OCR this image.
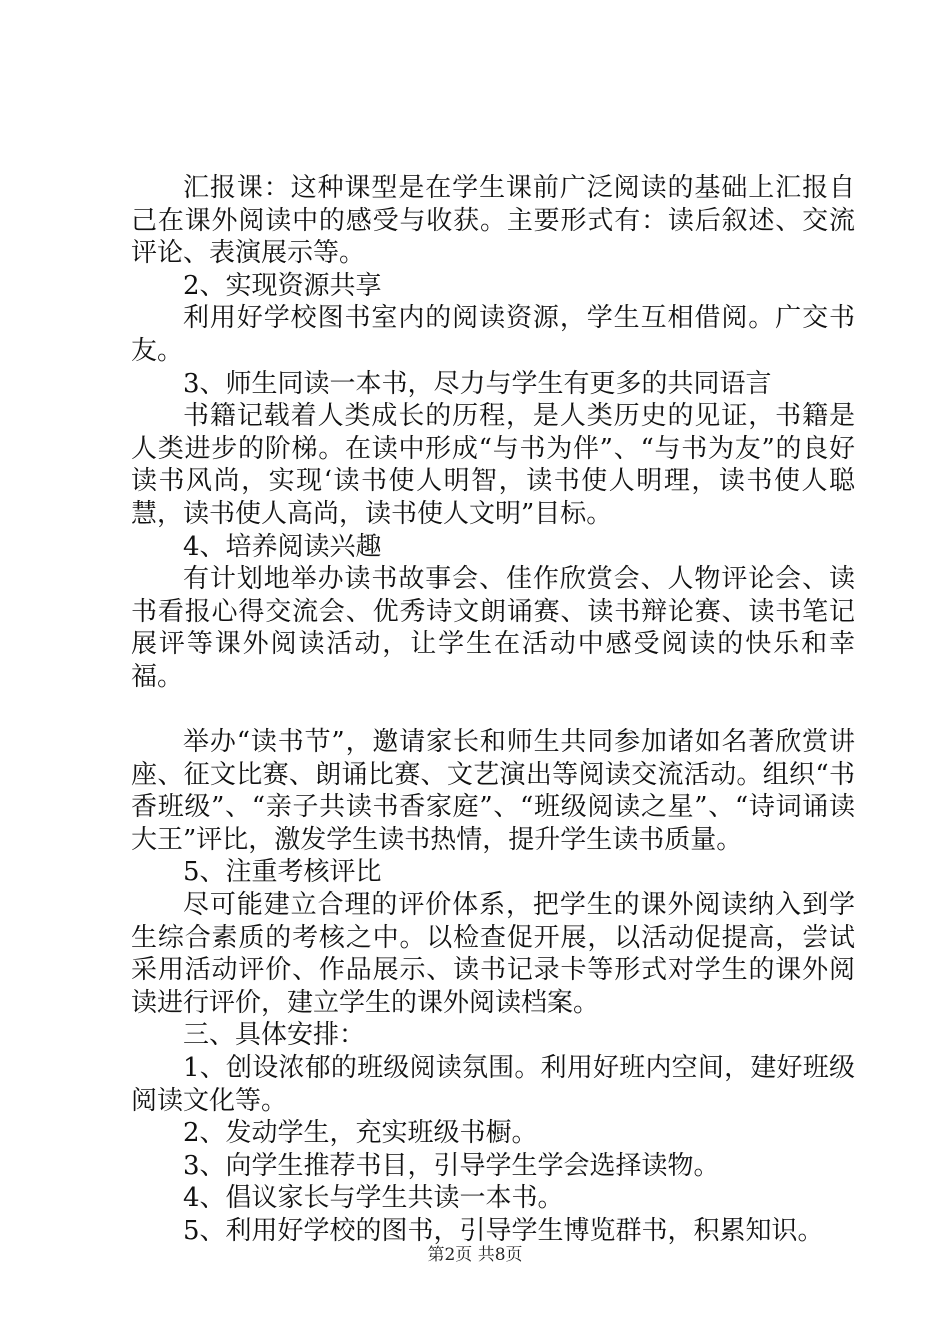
汇报课：这种课型是在学生课前广泛阅读的基础上汇报自己在课外阅读中的感受与收获。主要形式有：读后叙述、交流评论、表演展示等。

2、实现资源共享

利用好学校图书室内的阅读资源，学生互相借阅。广交书友。

3、师生同读一本书，尽力与学生有更多的共同语言

书籍记载着人类成长的历程，是人类历史的见证，书籍是人类进步的阶梯。在读中形成“与书为伴”、“与书为友”的良好读书风尚，实现‘读书使人明智，读书使人明理，读书使人聪慧，读书使人高尚，读书使人文明”目标。

4、培养阅读兴趣

有计划地举办读书故事会、佳作欣赏会、人物评论会、读书看报心得交流会、优秀诗文朗诵赛、读书辩论赛、读书笔记展评等课外阅读活动，让学生在活动中感受阅读的快乐和幸福。

举办“读书节”，邀请家长和师生共同参加诸如名著欣赏讲座、征文比赛、朗诵比赛、文艺演出等阅读交流活动。组织“书香班级”、“亲子共读书香家庭”、“班级阅读之星”、“诗词诵读大王”评比，激发学生读书热情，提升学生读书质量。

5、注重考核评比

尽可能建立合理的评价体系，把学生的课外阅读纳入到学生综合素质的考核之中。以检查促开展，以活动促提高，尝试采用活动评价、作品展示、读书记录卡等形式对学生的课外阅读进行评价，建立学生的课外阅读档案。

三、具体安排：

1、创设浓郁的班级阅读氛围。利用好班内空间，建好班级阅读文化等。

2、发动学生，充实班级书橱。

3、向学生推荐书目，引导学生学会选择读物。

4、倡议家长与学生共读一本书。

5、利用好学校的图书，引导学生博览群书，积累知识。

第2页 共8页
